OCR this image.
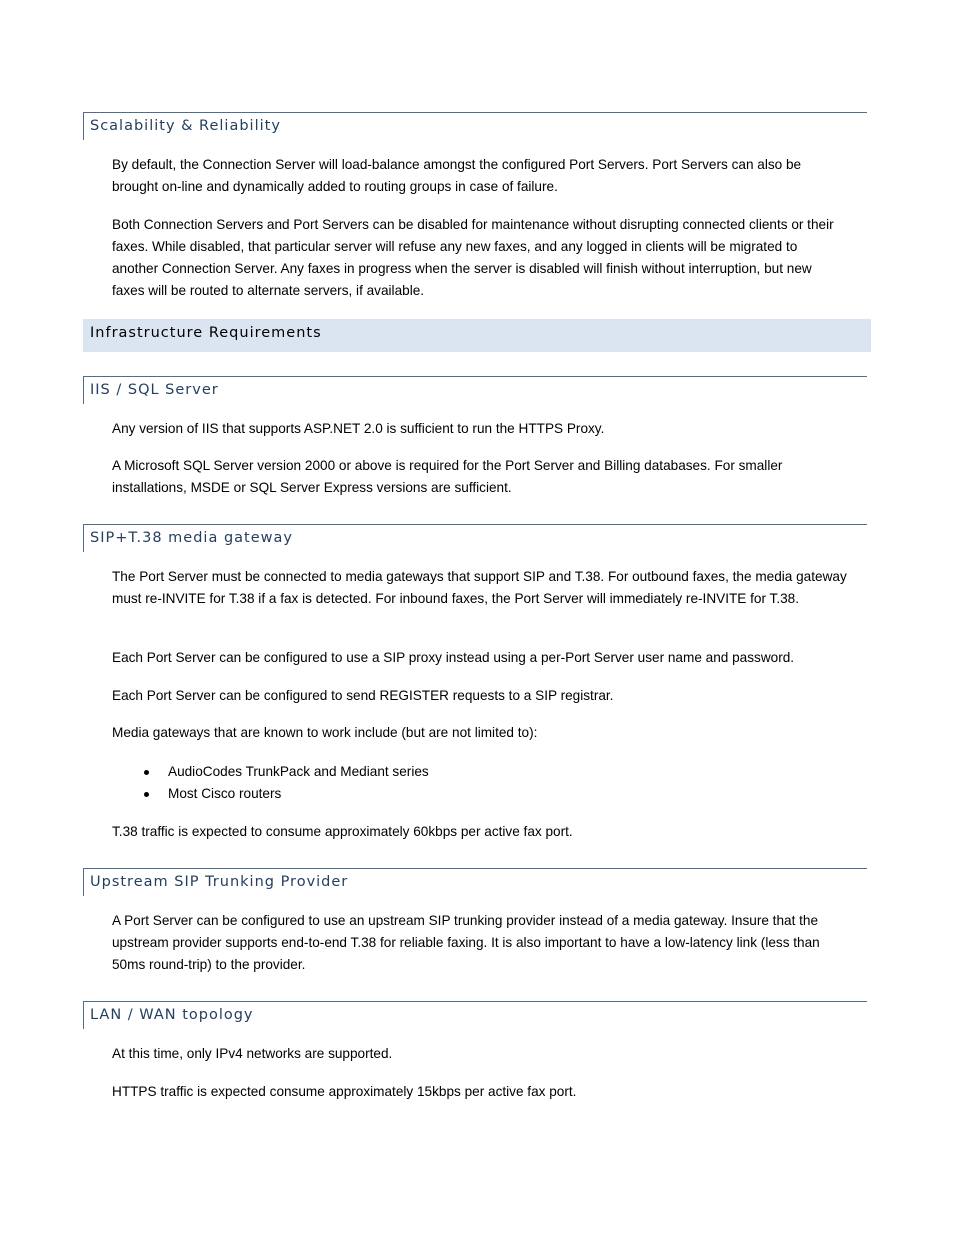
Scalability & Reliability

By default, the Connection Server will load-balance amongst the configured Port Servers. Port Servers can also be brought on-line and dynamically added to routing groups in case of failure.

Both Connection Servers and Port Servers can be disabled for maintenance without disrupting connected clients or their faxes. While disabled, that particular server will refuse any new faxes, and any logged in clients will be migrated to another Connection Server. Any faxes in progress when the server is disabled will finish without interruption, but new faxes will be routed to alternate servers, if available.

Infrastructure Requirements
IIS / SQL Server

Any version of IIS that supports ASP.NET 2.0 is sufficient to run the HTTPS Proxy.

A Microsoft SQL Server version 2000 or above is required for the Port Server and Billing databases. For smaller installations, MSDE or SQL Server Express versions are sufficient.

SIP+T.38 media gateway

The Port Server must be connected to media gateways that support SIP and T.38. For outbound faxes, the media gateway must re-INVITE for T.38 if a fax is detected. For inbound faxes, the Port Server will immediately re-INVITE for T.38.

Each Port Server can be configured to use a SIP proxy instead using a per-Port Server user name and password.

Each Port Server can be configured to send REGISTER requests to a SIP registrar.

Media gateways that are known to work include (but are not limited to):

AudioCodes TrunkPack and Mediant series
Most Cisco routers

T.38 traffic is expected to consume approximately 60kbps per active fax port.

Upstream SIP Trunking Provider

A Port Server can be configured to use an upstream SIP trunking provider instead of a media gateway. Insure that the upstream provider supports end-to-end T.38 for reliable faxing. It is also important to have a low-latency link (less than 50ms round-trip) to the provider.

LAN / WAN topology

At this time, only IPv4 networks are supported.

HTTPS traffic is expected consume approximately 15kbps per active fax port.
